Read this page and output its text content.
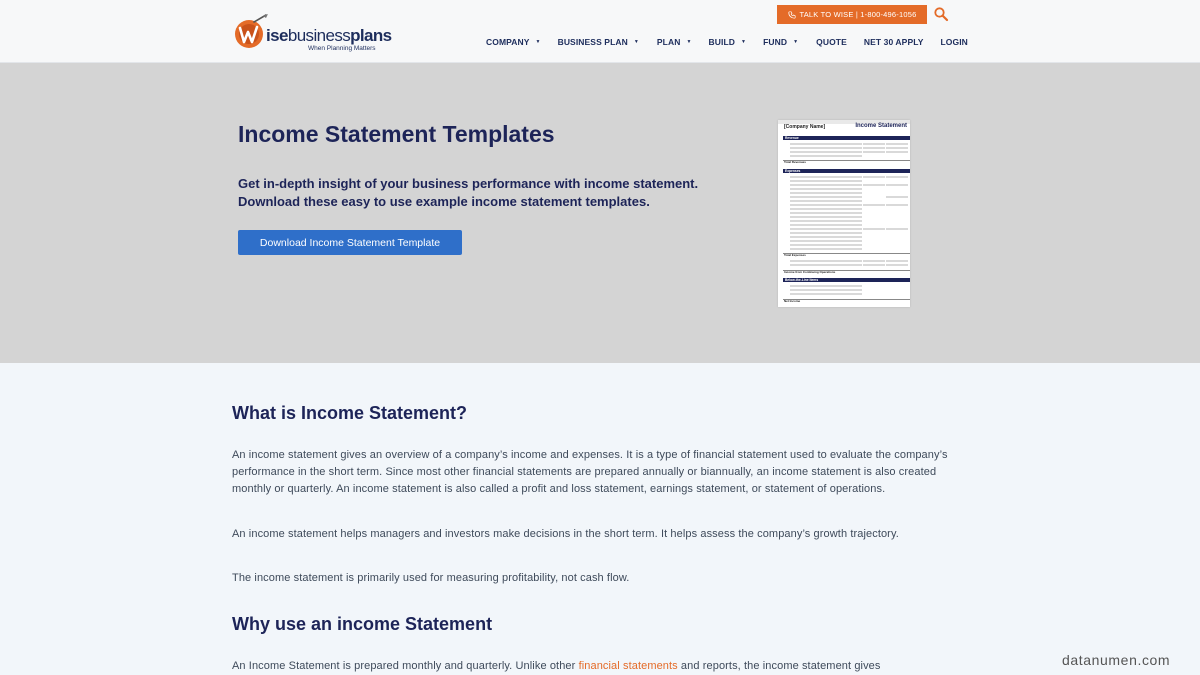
isebusinessplans
When Planning Matters
TALK TO WISE | 1-800-496-1056
COMPANY ▼ BUSINESS PLAN ▼ PLAN ▼ BUILD ▼ FUND ▼ QUOTE NET 30 APPLY LOGIN
Income Statement Templates

Get in-depth insight of your business performance with income statement. Download these easy to use example income statement templates.

Download Income Statement Template
[Company Name]	Income Statement
Revenue
Total Revenues
Expenses
Total Expenses
Income from Continuing Operations
Below-the-Line Items
Net Income
What is Income Statement?

An income statement gives an overview of a company’s income and expenses. It is a type of financial statement used to evaluate the company’s performance in the short term. Since most other financial statements are prepared annually or biannually, an income statement is also created monthly or quarterly. An income statement is also called a profit and loss statement, earnings statement, or statement of operations.

An income statement helps managers and investors make decisions in the short term. It helps assess the company’s growth trajectory.

The income statement is primarily used for measuring profitability, not cash flow.

Why use an income Statement

An Income Statement is prepared monthly and quarterly. Unlike other financial statements and reports, the income statement gives	datanumen.com
